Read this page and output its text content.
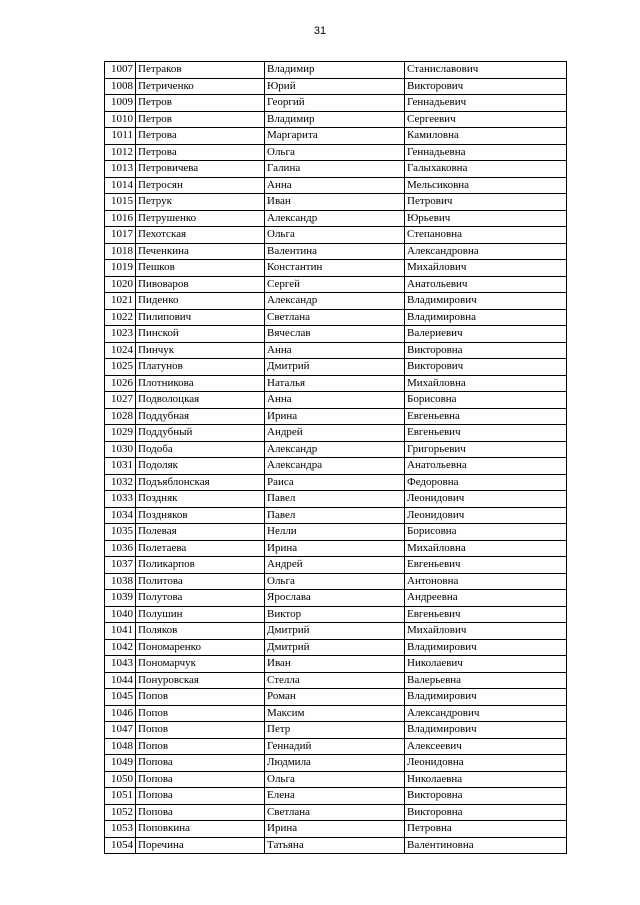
31
1007	Петраков	Владимир	Станиславович
1008	Петриченко	Юрий	Викторович
1009	Петров	Георгий	Геннадьевич
1010	Петров	Владимир	Сергеевич
1011	Петрова	Маргарита	Камиловна
1012	Петрова	Ольга	Геннадьевна
1013	Петровичева	Галина	Галыхаковна
1014	Петросян	Анна	Мельсиковна
1015	Петрук	Иван	Петрович
1016	Петрушенко	Александр	Юрьевич
1017	Пехотская	Ольга	Степановна
1018	Печенкина	Валентина	Александровна
1019	Пешков	Константин	Михайлович
1020	Пивоваров	Сергей	Анатольевич
1021	Пиденко	Александр	Владимирович
1022	Пилипович	Светлана	Владимировна
1023	Пинской	Вячеслав	Валериевич
1024	Пинчук	Анна	Викторовна
1025	Платунов	Дмитрий	Викторович
1026	Плотникова	Наталья	Михайловна
1027	Подволоцкая	Анна	Борисовна
1028	Поддубная	Ирина	Евгеньевна
1029	Поддубный	Андрей	Евгеньевич
1030	Подоба	Александр	Григорьевич
1031	Подоляк	Александра	Анатольевна
1032	Подъяблонская	Раиса	Федоровна
1033	Поздняк	Павел	Леонидович
1034	Поздняков	Павел	Леонидович
1035	Полевая	Нелли	Борисовна
1036	Полетаева	Ирина	Михайловна
1037	Поликарпов	Андрей	Евгеньевич
1038	Политова	Ольга	Антоновна
1039	Полутова	Ярослава	Андреевна
1040	Полушин	Виктор	Евгеньевич
1041	Поляков	Дмитрий	Михайлович
1042	Пономаренко	Дмитрий	Владимирович
1043	Пономарчук	Иван	Николаевич
1044	Понуровская	Стелла	Валерьевна
1045	Попов	Роман	Владимирович
1046	Попов	Максим	Александрович
1047	Попов	Петр	Владимирович
1048	Попов	Геннадий	Алексеевич
1049	Попова	Людмила	Леонидовна
1050	Попова	Ольга	Николаевна
1051	Попова	Елена	Викторовна
1052	Попова	Светлана	Викторовна
1053	Поповкина	Ирина	Петровна
1054	Поречина	Татьяна	Валентиновна
